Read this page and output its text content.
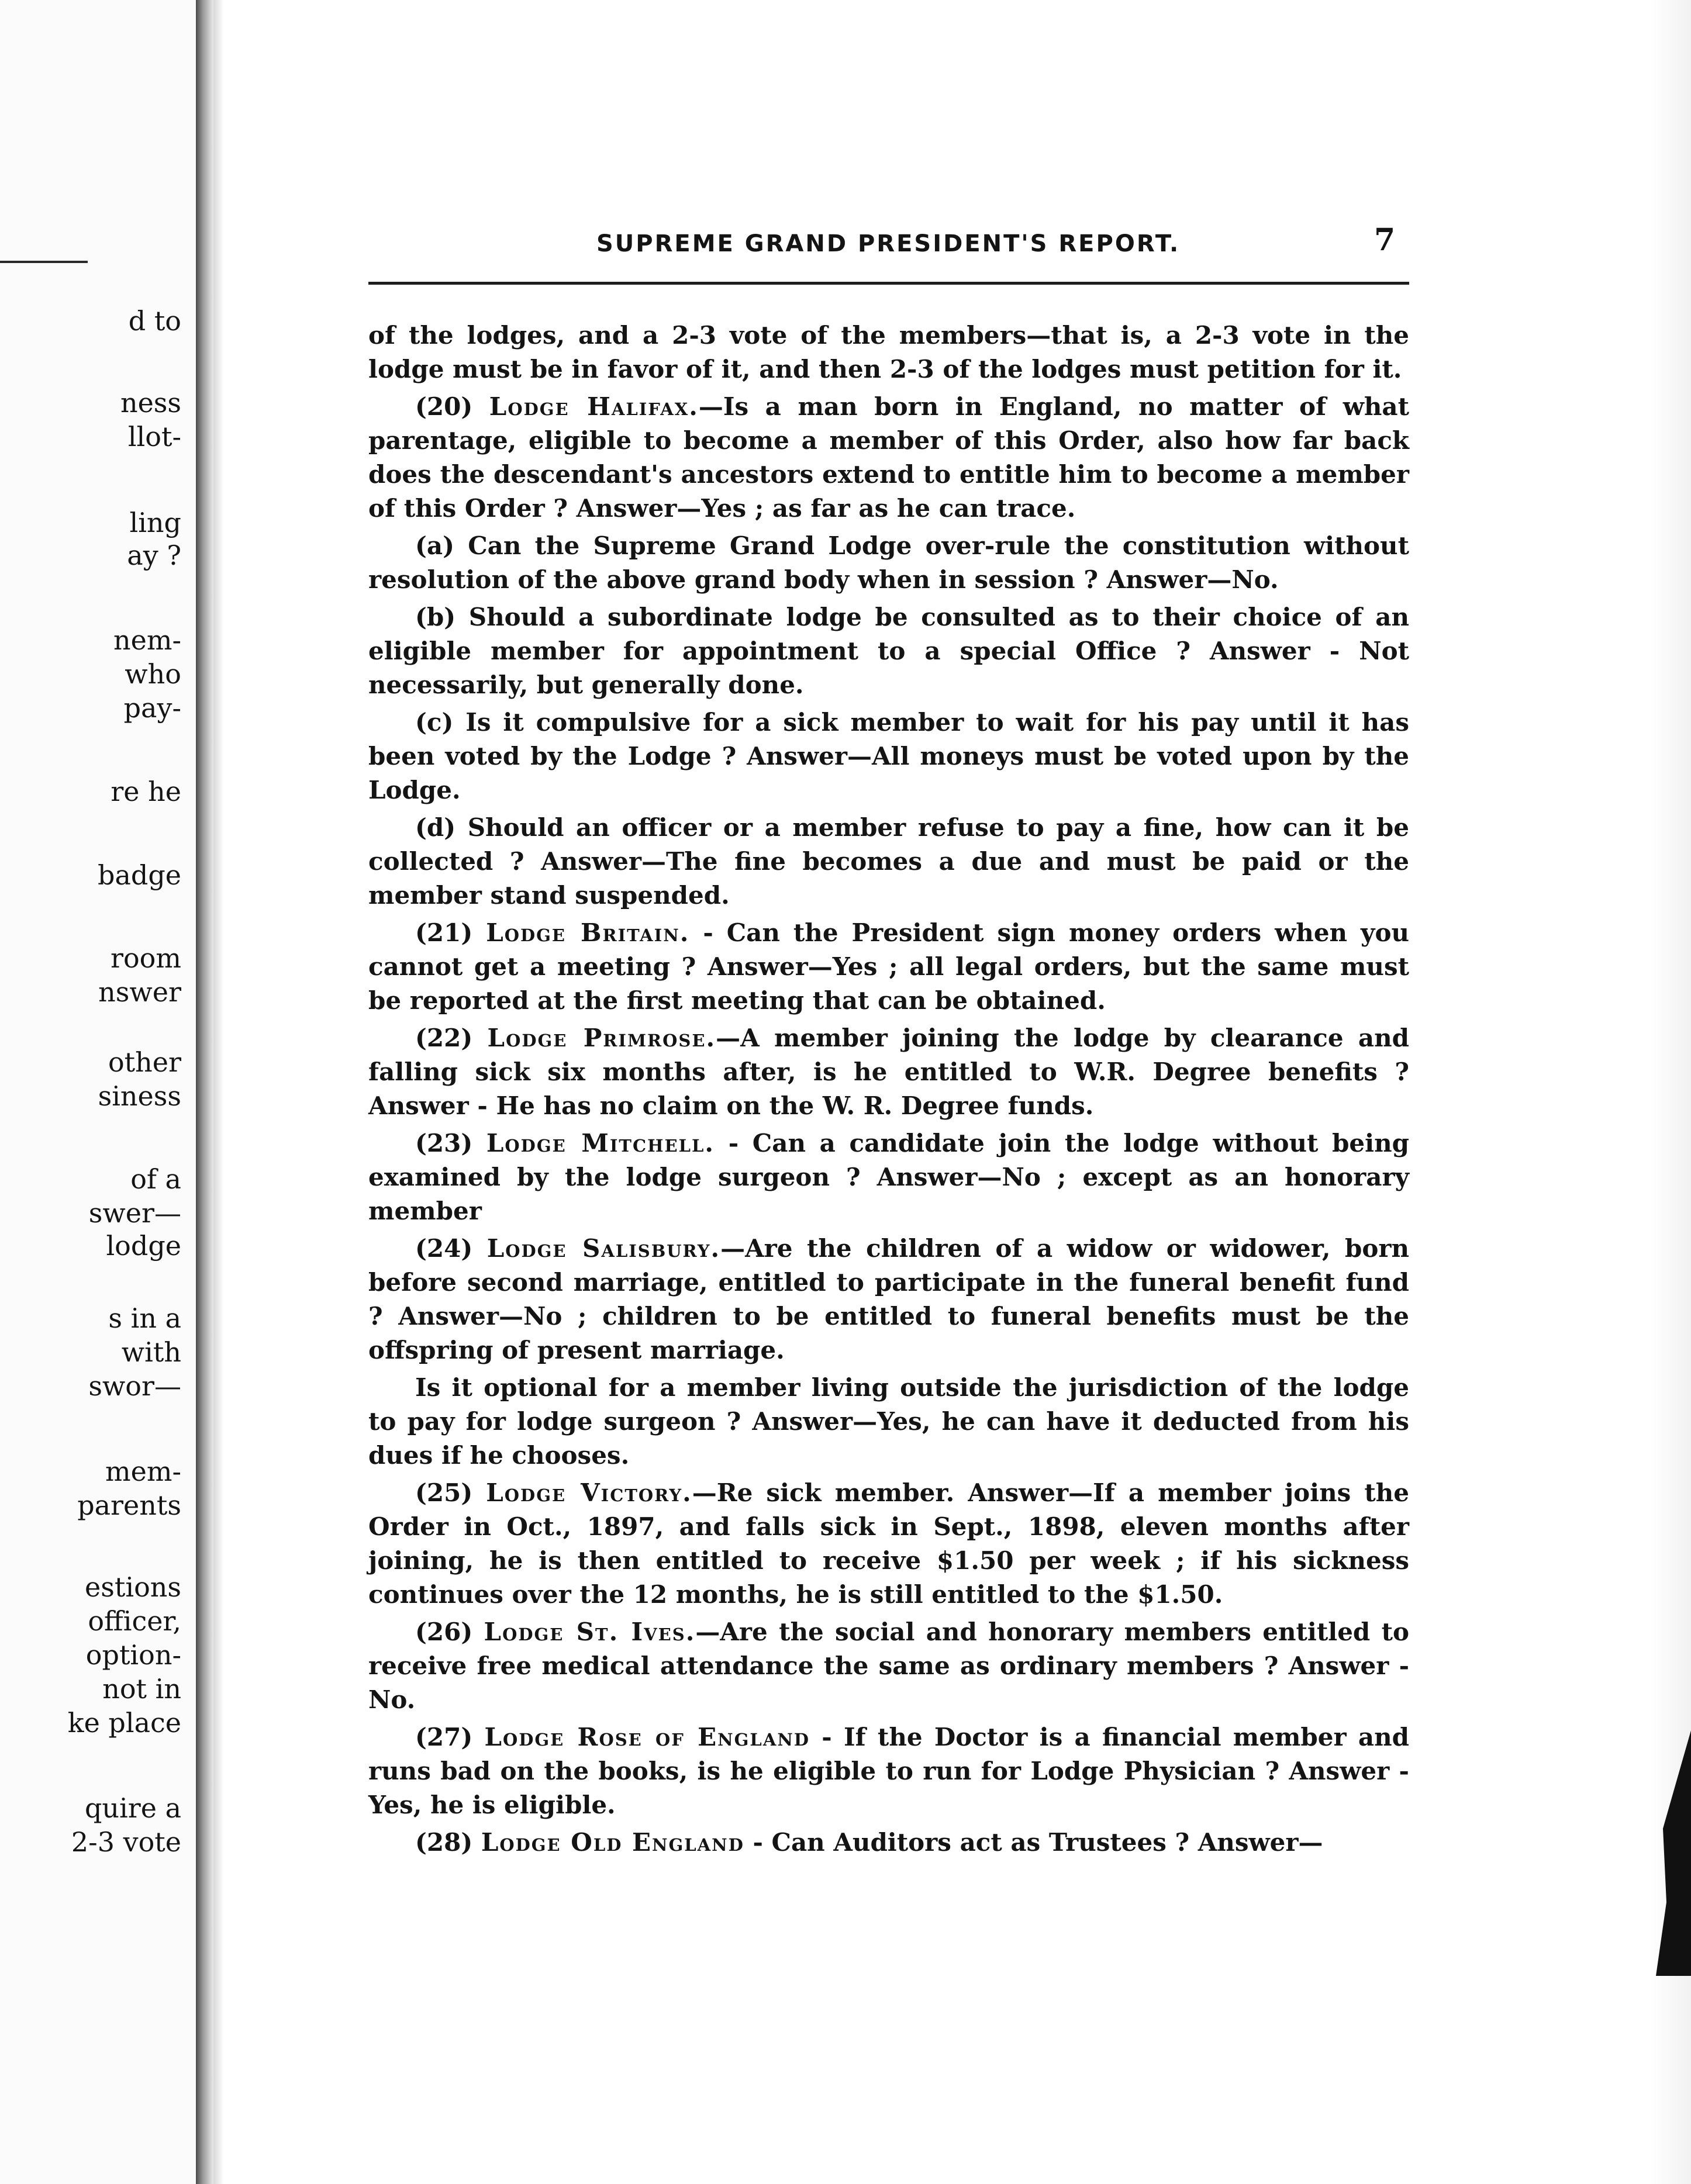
d to
ness
llot-
ling
ay ?
nem-
who
pay-
re he
badge
room
nswer
other
siness
of a
swer—
lodge
s in a
with
swor—
mem-
parents
estions
officer,
option-
not in
ke place
quire a
2-3 vote
SUPREME GRAND PRESIDENT'S REPORT.	7

of the lodges, and a 2-3 vote of the members—that is, a 2-3 vote in the lodge must be in favor of it, and then 2-3 of the lodges must petition for it.

(20) Lodge Halifax.—Is a man born in England, no matter of what parentage, eligible to become a member of this Order, also how far back does the descendant's ancestors extend to entitle him to become a member of this Order ? Answer—Yes ; as far as he can trace.

(a) Can the Supreme Grand Lodge over-rule the constitution without resolution of the above grand body when in session ? Answer—No.

(b) Should a subordinate lodge be consulted as to their choice of an eligible member for appointment to a special Office ? Answer - Not necessarily, but generally done.

(c) Is it compulsive for a sick member to wait for his pay until it has been voted by the Lodge ? Answer—All moneys must be voted upon by the Lodge.

(d) Should an officer or a member refuse to pay a fine, how can it be collected ? Answer—The fine becomes a due and must be paid or the member stand suspended.

(21) Lodge Britain. - Can the President sign money orders when you cannot get a meeting ? Answer—Yes ; all legal orders, but the same must be reported at the first meeting that can be obtained.

(22) Lodge Primrose.—A member joining the lodge by clearance and falling sick six months after, is he entitled to W.R. Degree benefits ? Answer - He has no claim on the W. R. Degree funds.

(23) Lodge Mitchell. - Can a candidate join the lodge without being examined by the lodge surgeon ? Answer—No ; except as an honorary member

(24) Lodge Salisbury.—Are the children of a widow or widower, born before second marriage, entitled to participate in the funeral benefit fund ? Answer—No ; children to be entitled to funeral benefits must be the offspring of present marriage.

Is it optional for a member living outside the jurisdiction of the lodge to pay for lodge surgeon ? Answer—Yes, he can have it deducted from his dues if he chooses.

(25) Lodge Victory.—Re sick member. Answer—If a member joins the Order in Oct., 1897, and falls sick in Sept., 1898, eleven months after joining, he is then entitled to receive $1.50 per week ; if his sickness continues over the 12 months, he is still entitled to the $1.50.

(26) Lodge St. Ives.—Are the social and honorary members entitled to receive free medical attendance the same as ordinary members ? Answer - No.

(27) Lodge Rose of England - If the Doctor is a financial member and runs bad on the books, is he eligible to run for Lodge Physician ? Answer - Yes, he is eligible.

(28) Lodge Old England - Can Auditors act as Trustees ? Answer—
